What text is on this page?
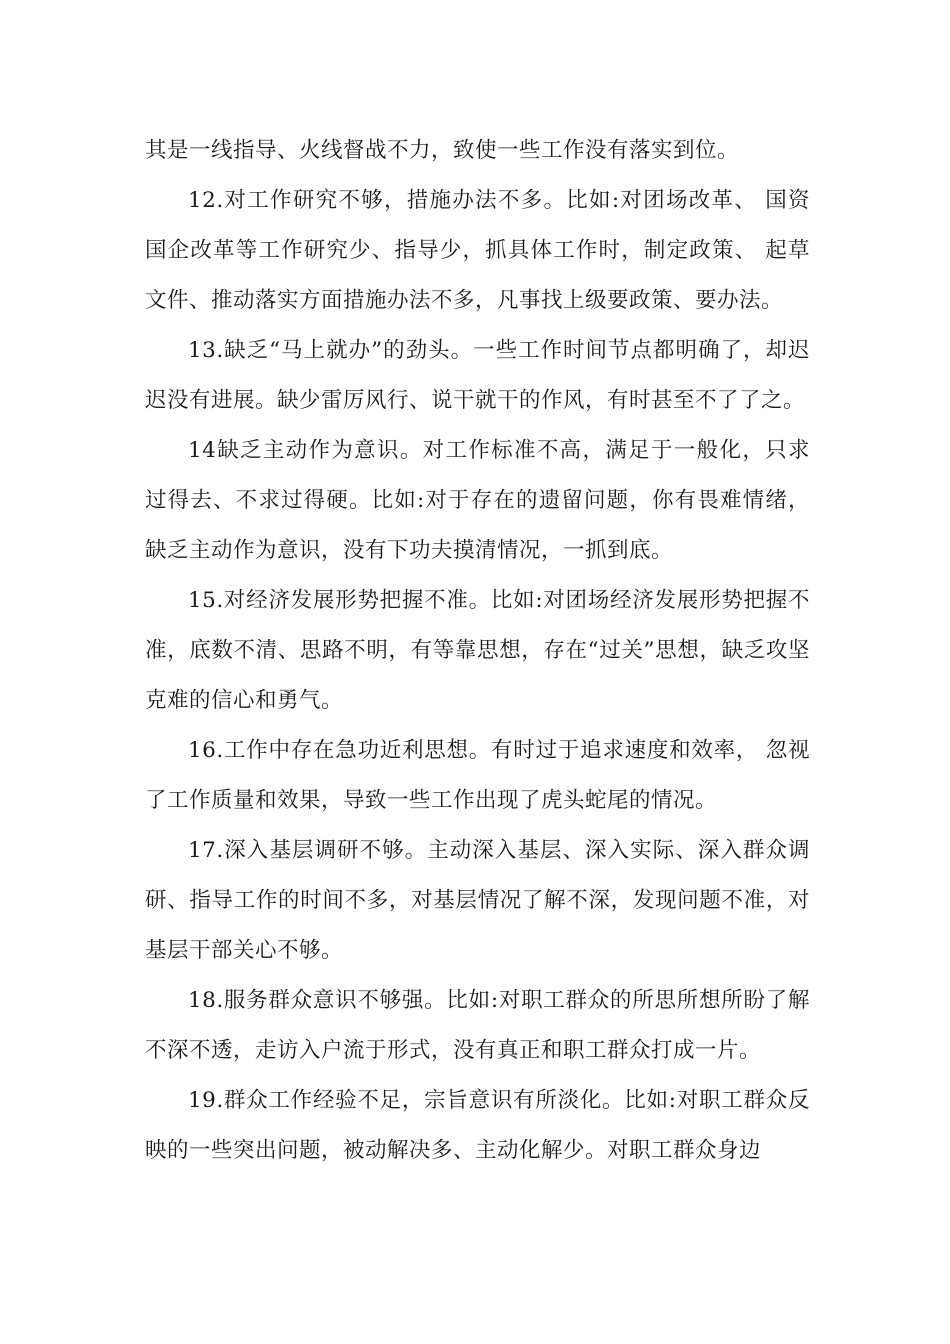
其是一线指导、火线督战不力，致使一些工作没有落实到位。

12.对工作研究不够，措施办法不多。比如:对团场改革、 国资国企改革等工作研究少、指导少，抓具体工作时，制定政策、 起草文件、推动落实方面措施办法不多，凡事找上级要政策、要办法。

13.缺乏“马上就办”的劲头。一些工作时间节点都明确了，却迟迟没有进展。缺少雷厉风行、说干就干的作风，有时甚至不了了之。

14缺乏主动作为意识。对工作标准不高，满足于一般化，只求过得去、不求过得硬。比如:对于存在的遗留问题，你有畏难情绪，缺乏主动作为意识，没有下功夫摸清情况，一抓到底。

15.对经济发展形势把握不准。比如:对团场经济发展形势把握不准，底数不清、思路不明，有等靠思想，存在“过关”思想，缺乏攻坚克难的信心和勇气。

16.工作中存在急功近利思想。有时过于追求速度和效率， 忽视了工作质量和效果，导致一些工作出现了虎头蛇尾的情况。

17.深入基层调研不够。主动深入基层、深入实际、深入群众调研、指导工作的时间不多，对基层情况了解不深，发现问题不准，对基层干部关心不够。

18.服务群众意识不够强。比如:对职工群众的所思所想所盼了解不深不透，走访入户流于形式，没有真正和职工群众打成一片。

19.群众工作经验不足，宗旨意识有所淡化。比如:对职工群众反映的一些突出问题，被动解决多、主动化解少。对职工群众身边
